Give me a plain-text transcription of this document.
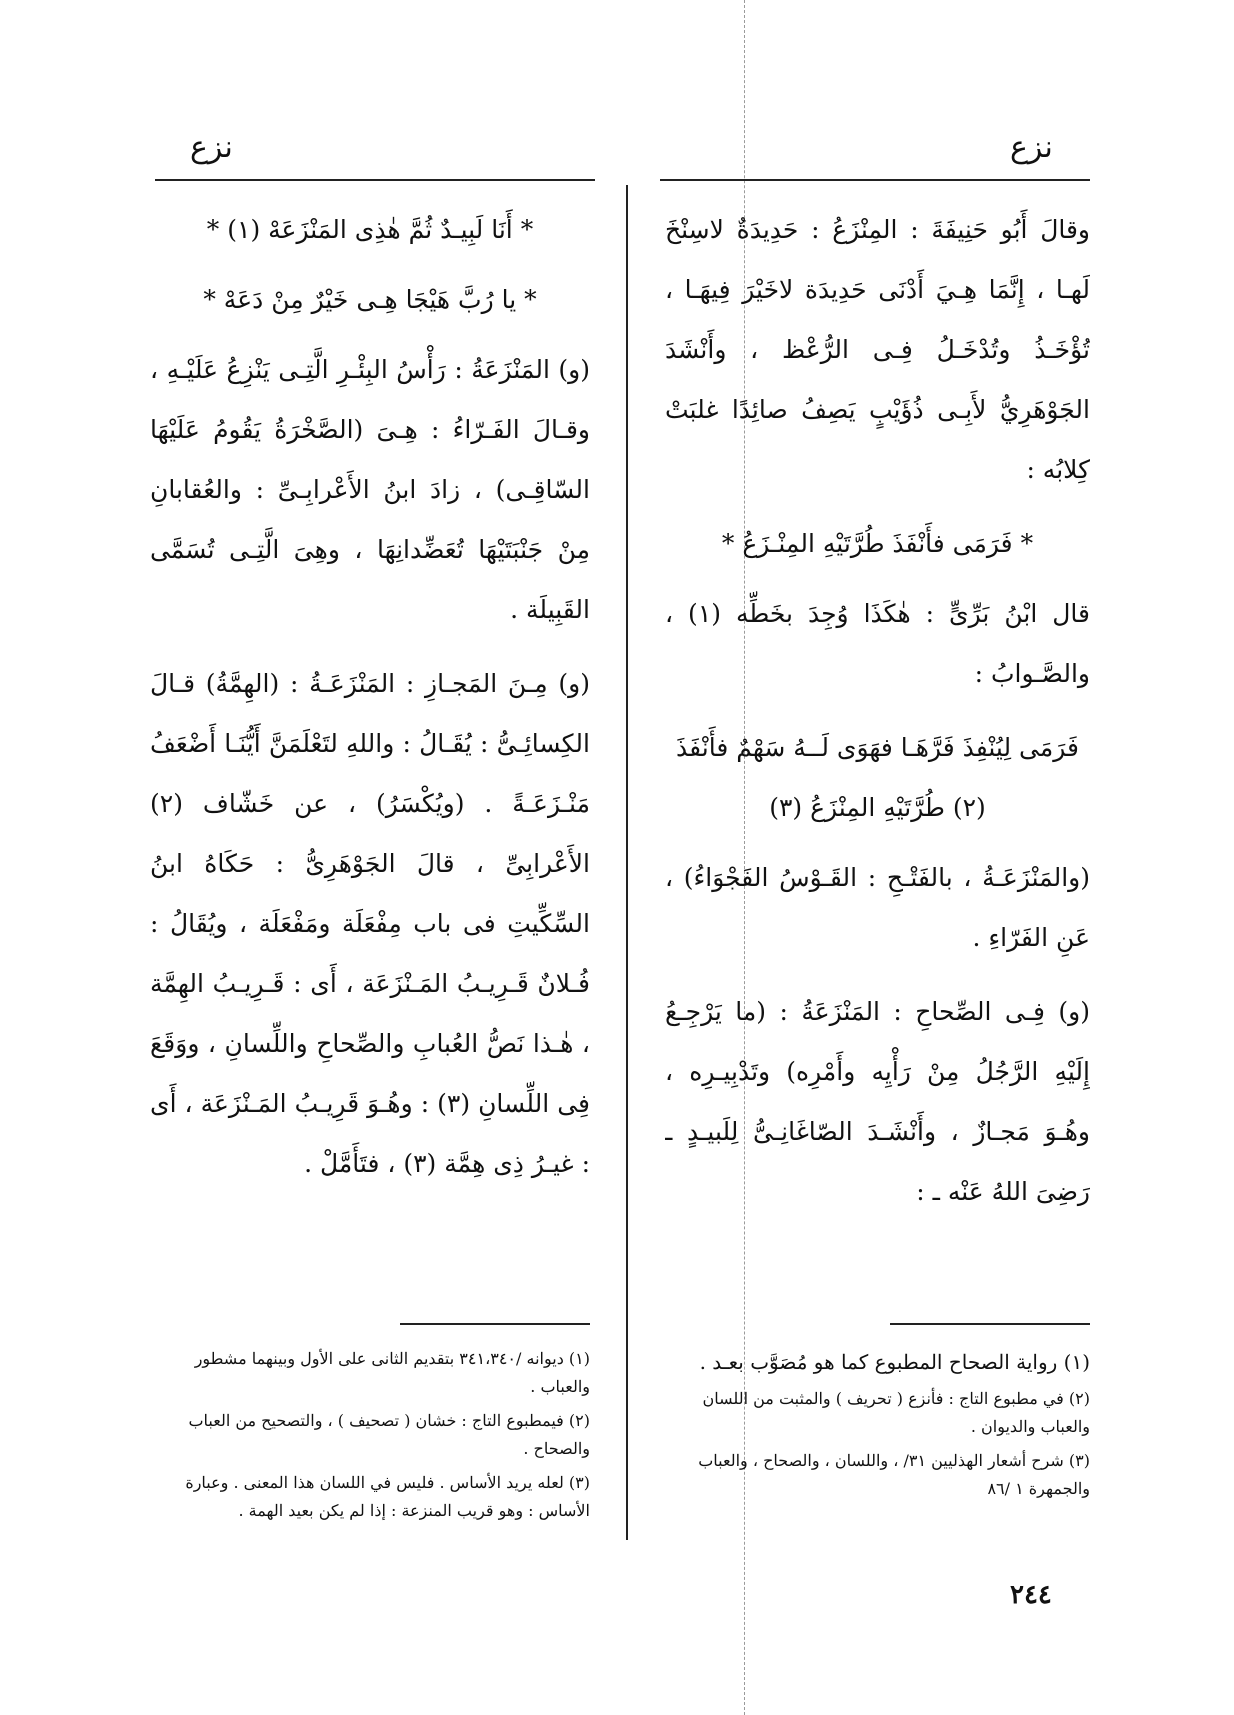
نزع
نزع

وقالَ أَبُو حَنِيفَةَ : المِنْزَعُ : حَدِيدَةٌ لاسِنْخَ لَهـا ، إِنَّمَا هِـيَ أَدْنَى حَدِيدَة لاخَيْرَ فِيهَـا ، تُؤْخَـذُ وتُدْخَـلُ فِـى الرُّعْظ ، وأَنْشَدَ الجَوْهَرِيُّ لأَبِـى ذُؤَيْبٍ يَصِفُ صائِدًا غلبَتْ كِلابُه :

* فَرَمَى فأَنْفَذَ طُرَّتَيْهِ المِنْـزَعُ *

قال ابْنُ بَرِّىٍّ : هٰكَذَا وُجِدَ بخَطِّه (١) ، والصَّـوابُ :

فَرَمَى لِيُنْفِذَ فَرَّهَـا فهَوَى لَــهُ سَهْمٌ فأَنْفَذَ (٢) طُرَّتَيْهِ المِنْزَعُ (٣)

(والمَنْزَعَـةُ ، بالفَتْـحِ : القَـوْسُ الفَجْوَاءُ) ، عَنِ الفَرّاءِ .

(و) فِـى الصِّحاحِ : المَنْزَعَةُ : (ما يَرْجِـعُ إِلَيْهِ الرَّجُلُ مِنْ رَأْيِه وأَمْرِه) وتَدْبِيـرِه ، وهُـوَ مَجـازٌ ، وأَنْشَـدَ الصّاغَانِـىُّ لِلَبيـدٍ ـ رَضِىَ اللهُ عَنْه ـ :

* أَنَا لَبِيـدٌ ثُمَّ هٰذِى المَنْزَعَهْ (١) *

* يا رُبَّ هَيْجَا هِـى خَيْرٌ مِنْ دَعَهْ *

(و) المَنْزَعَةُ : رَأْسُ البِئْـرِ الَّتِـى يَنْزِعُ عَلَيْـهِ ، وقـالَ الفَـرّاءُ : هِـىَ (الصَّخْرَةُ يَقُومُ عَلَيْهَا السّاقِـى) ، زادَ ابنُ الأَعْرابِـىِّ : والعُقابانِ مِنْ جَنْبَتَيْهَا تُعَضِّدانِهَا ، وهِىَ الَّتِـى تُسَمَّى القَبِيلَة .

(و) مِـنَ المَجـازِ : المَنْزَعَـةُ : (الهِمَّةُ) قـالَ الكِسائِـىُّ : يُقَـالُ : واللهِ لتَعْلَمَنَّ أَيُّنَـا أَضْعَفُ مَنْـزَعَـةً . (ويُكْسَرُ) ، عن خَشّاف (٢) الأَعْرابِىِّ ، قالَ الجَوْهَرِىُّ : حَكَاهُ ابنُ السِّكِّيتِ فى باب مِفْعَلَة ومَفْعَلَة ، ويُقَالُ : فُـلانٌ قَـرِيـبُ المَـنْزَعَة ، أَى : قَـرِيـبُ الهِمَّة ، هٰـذا نَصُّ العُبابِ والصِّحاحِ واللِّسانِ ، ووَقَعَ فِى اللِّسانِ (٣) : وهُـوَ قَرِيـبُ المَـنْزَعَة ، أَى : غيـرُ ذِى هِمَّة (٣) ، فتَأَمَّلْ .

(١) رواية الصحاح المطبوع كما هو مُصَوَّب بعـد .

(٢) في مطبوع التاج : فأنزع ( تحريف ) والمثبت من اللسان والعباب والديوان .

(٣) شرح أشعار الهذليين ٣١/ ، واللسان ، والصحاح ، والعباب والجمهرة ١ /٨٦

(١) ديوانه /٣٤١،٣٤٠ بتقديم الثانى على الأول وبينهما مشطور والعباب .

(٢) فيمطبوع التاج : خشان ( تصحيف ) ، والتصحيح من العباب والصحاح .

(٣) لعله يريد الأساس . فليس في اللسان هذا المعنى . وعبارة الأساس : وهو قريب المنزعة : إذا لم يكن بعيد الهمة .

٢٤٤
